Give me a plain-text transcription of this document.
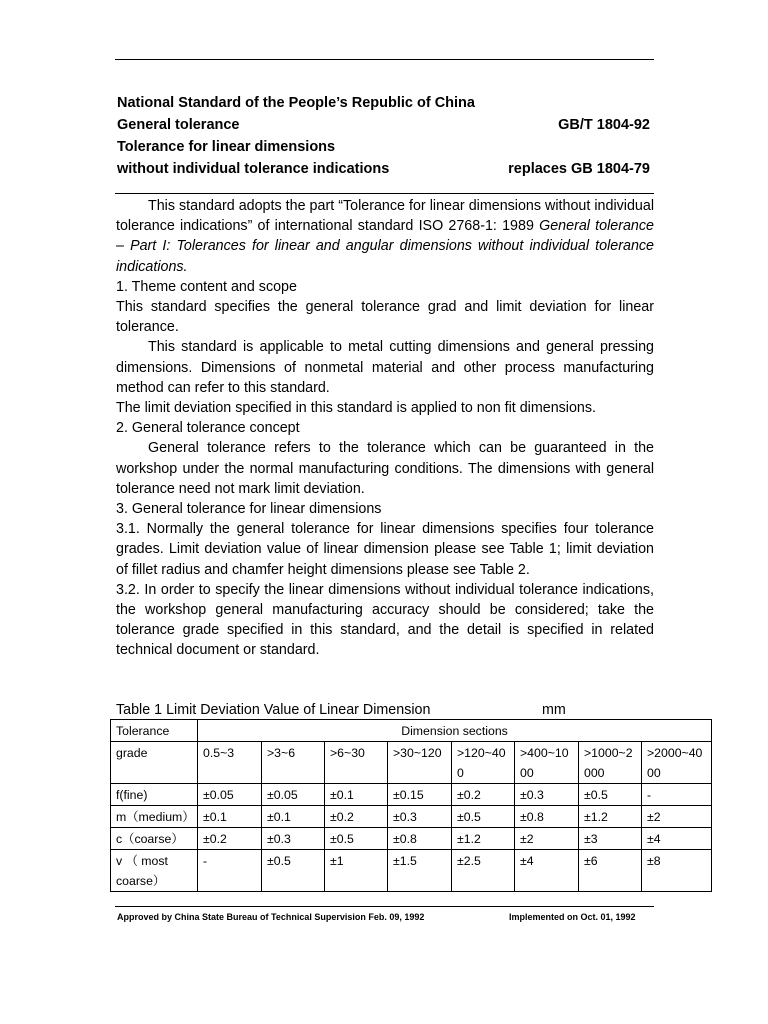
National Standard of the People’s Republic of China
General tolerance	GB/T 1804-92
Tolerance for linear dimensions
without individual tolerance indications	replaces GB 1804-79

This standard adopts the part “Tolerance for linear dimensions without individual tolerance indications” of international standard ISO 2768-1: 1989 General tolerance – Part I: Tolerances for linear and angular dimensions without individual tolerance indications.

1. Theme content and scope

This standard specifies the general tolerance grad and limit deviation for linear tolerance.

This standard is applicable to metal cutting dimensions and general pressing dimensions. Dimensions of nonmetal material and other process manufacturing method can refer to this standard.

The limit deviation specified in this standard is applied to non fit dimensions.

2. General tolerance concept

General tolerance refers to the tolerance which can be guaranteed in the workshop under the normal manufacturing conditions. The dimensions with general tolerance need not mark limit deviation.

3. General tolerance for linear dimensions

3.1. Normally the general tolerance for linear dimensions specifies four tolerance grades. Limit deviation value of linear dimension please see Table 1; limit deviation of fillet radius and chamfer height dimensions please see Table 2.

3.2. In order to specify the linear dimensions without individual tolerance indications, the workshop general manufacturing accuracy should be considered; take the tolerance grade specified in this standard, and the detail is specified in related technical document or standard.

Table 1 Limit Deviation Value of Linear Dimension	mm
Tolerance	Dimension sections							
grade	0.5~3	>3~6	>6~30	>30~120	>120~400	>400~1000	>1000~2000	>2000~4000
f(fine)	±0.05	±0.05	±0.1	±0.15	±0.2	±0.3	±0.5	-
m（medium）	±0.1	±0.1	±0.2	±0.3	±0.5	±0.8	±1.2	±2
c（coarse）	±0.2	±0.3	±0.5	±0.8	±1.2	±2	±3	±4
v （ most coarse）	-	±0.5	±1	±1.5	±2.5	±4	±6	±8
Approved by China State Bureau of Technical Supervision Feb. 09, 1992	Implemented on Oct. 01, 1992
